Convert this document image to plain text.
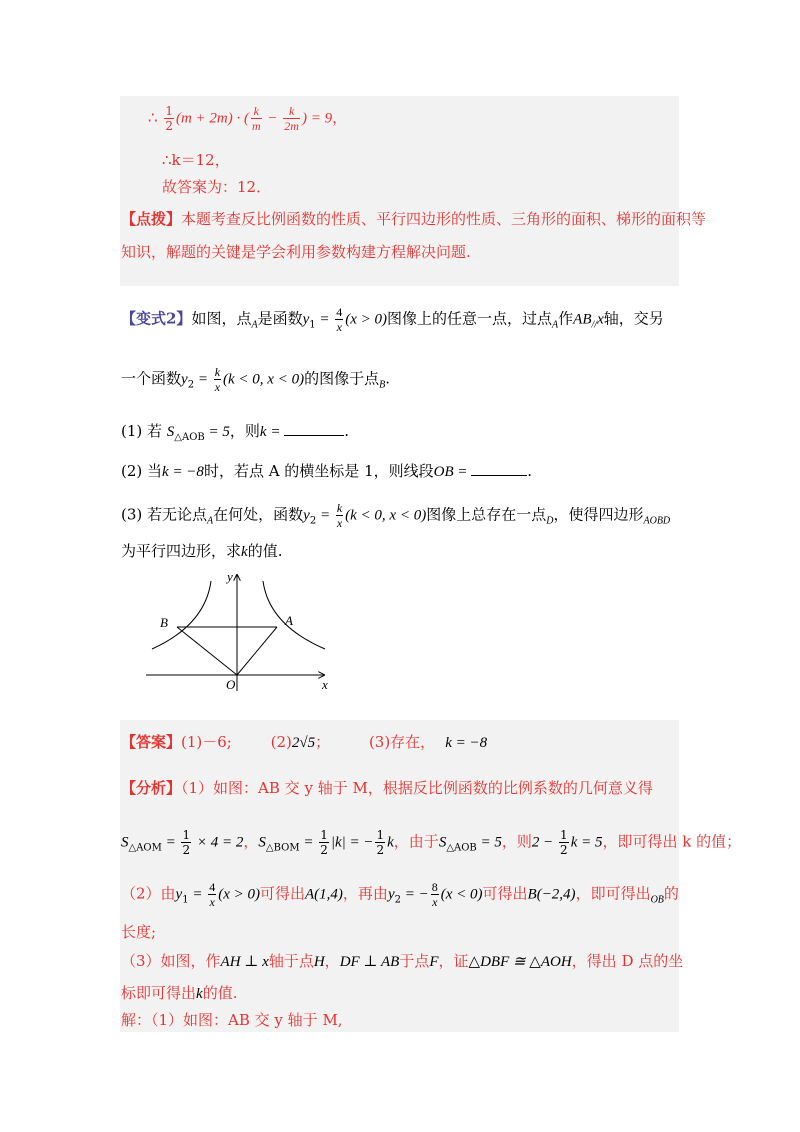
∴ $\frac{1}{2} (m + 2m)$ · ( $\frac{k}{m} - \frac{k}{2m}$ ) = 9，
∴k＝12，
故答案为：12．
【点拨】本题考查反比例函数的性质、平行四边形的性质、三角形的面积、梯形的面积等
知识，解题的关键是学会利用参数构建方程解决问题.
【变式2】如图，点$_A$是函数$y_1 = \frac{4}{x} (x > 0)$图像上的任意一点，过点$_A$作$AB_{//}x$轴，交另
一个函数$y_2 = \frac{k}{x} (k < 0$, x < 0)的图像于点$_B$.
(1) 若 $S_{\triangle AOB} = 5$，则k =	.
(2) 当k = −8时，若点 A 的横坐标是 1，则线段OB =	.
(3) 若无论点$_A$在何处，函数$y_2 = \frac{k}{x} (k < 0$, x < 0)图像上总存在一点$_D$，使得四边形$_{AOBD}$
为平行四边形，求k的值.
y
x
O
A
B
【答案】(1)－6;	(2)2√5；	(3)存在， k = −8
【分析】（1）如图：AB 交 y 轴于 M，根据反比例函数的比例系数的几何意义得
$S_{\triangle AOM} = \frac{1}{2} \times 4 = 2$，$S_{\triangle BOM} = \frac{1}{2} |k|$ = − $\frac{1}{2}$ k，由于$S_{\triangle AOB} = 5$，则$2 - \frac{1}{2}$ k = 5，即可得出 k 的值；
（2）由$y_1 = \frac{4}{x} (x > 0)$可得出A(1,4)，再由$y_2$ = − $\frac{8}{x} (x < 0)$可得出B(−2,4)，即可得出$_{OB}$的
长度;
（3）如图，作AH ⊥ x轴于点H，DF ⊥ AB于点F，证△DBF ≅ △AOH，得出 D 点的坐
标即可得出k的值.
解：（1）如图：AB 交 y 轴于 M,
